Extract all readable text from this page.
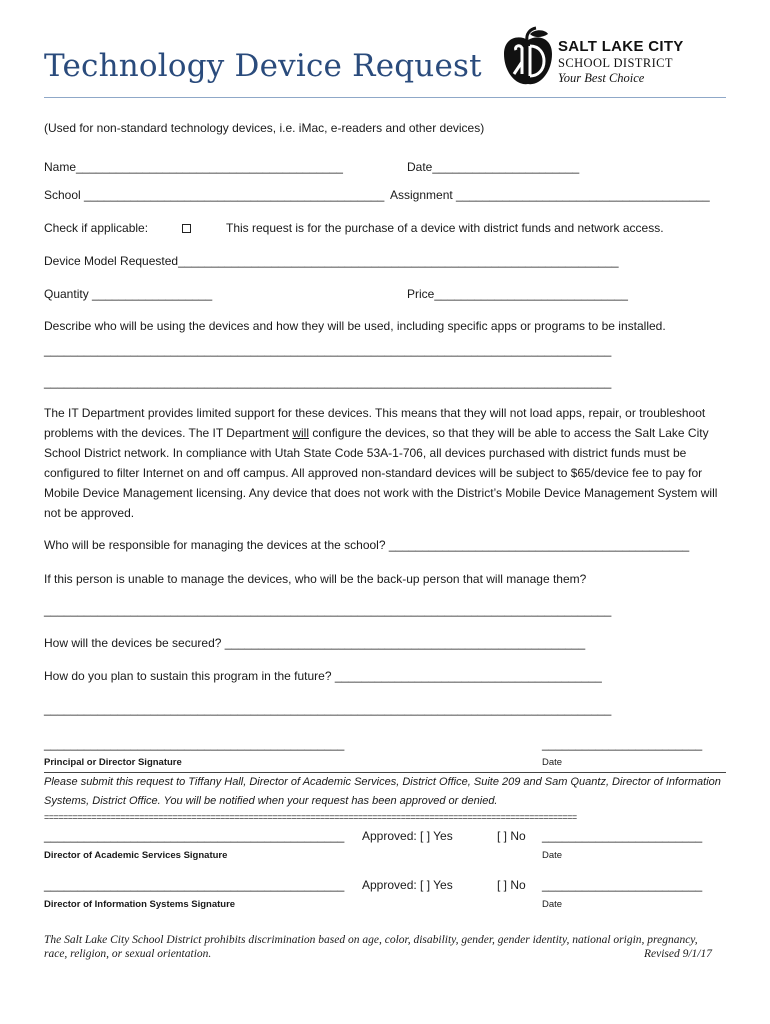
Technology Device Request
SALT LAKE CITY
SCHOOL DISTRICT
Your Best Choice
(Used for non-standard technology devices, i.e. iMac, e-readers and other devices)
Name________________________________________	Date______________________
School _____________________________________________ Assignment ______________________________________
Check if applicable:	This request is for the purchase of a device with district funds and network access.
Device Model Requested__________________________________________________________________
Quantity __________________	Price_____________________________
Describe who will be using the devices and how they will be used, including specific apps or programs to be installed.
_____________________________________________________________________________________
_____________________________________________________________________________________
The IT Department provides limited support for these devices. This means that they will not load apps, repair, or troubleshoot problems with the devices. The IT Department will configure the devices, so that they will be able to access the Salt Lake City School District network. In compliance with Utah State Code 53A-1-706, all devices purchased with district funds must be configured to filter Internet on and off campus. All approved non-standard devices will be subject to $65/device fee to pay for Mobile Device Management licensing. Any device that does not work with the District’s Mobile Device Management System will not be approved.
Who will be responsible for managing the devices at the school? _____________________________________________
If this person is unable to manage the devices, who will be the back-up person that will manage them?
_____________________________________________________________________________________
How will the devices be secured? ______________________________________________________
How do you plan to sustain this program in the future? ________________________________________
_____________________________________________________________________________________
_____________________________________________	________________________
Principal or Director Signature	Date
Please submit this request to Tiffany Hall, Director of Academic Services, District Office, Suite 209 and Sam Quantz, Director of Information Systems, District Office. You will be notified when your request has been approved or denied.
================================================================================================================
_____________________________________________ Approved: [ ] Yes	[ ] No ________________________
Director of Academic Services Signature	Date
_____________________________________________ Approved: [ ] Yes	[ ] No ________________________
Director of Information Systems Signature	Date
The Salt Lake City School District prohibits discrimination based on age, color, disability, gender, gender identity, national origin, pregnancy, race, religion, or sexual orientation.	Revised 9/1/17
